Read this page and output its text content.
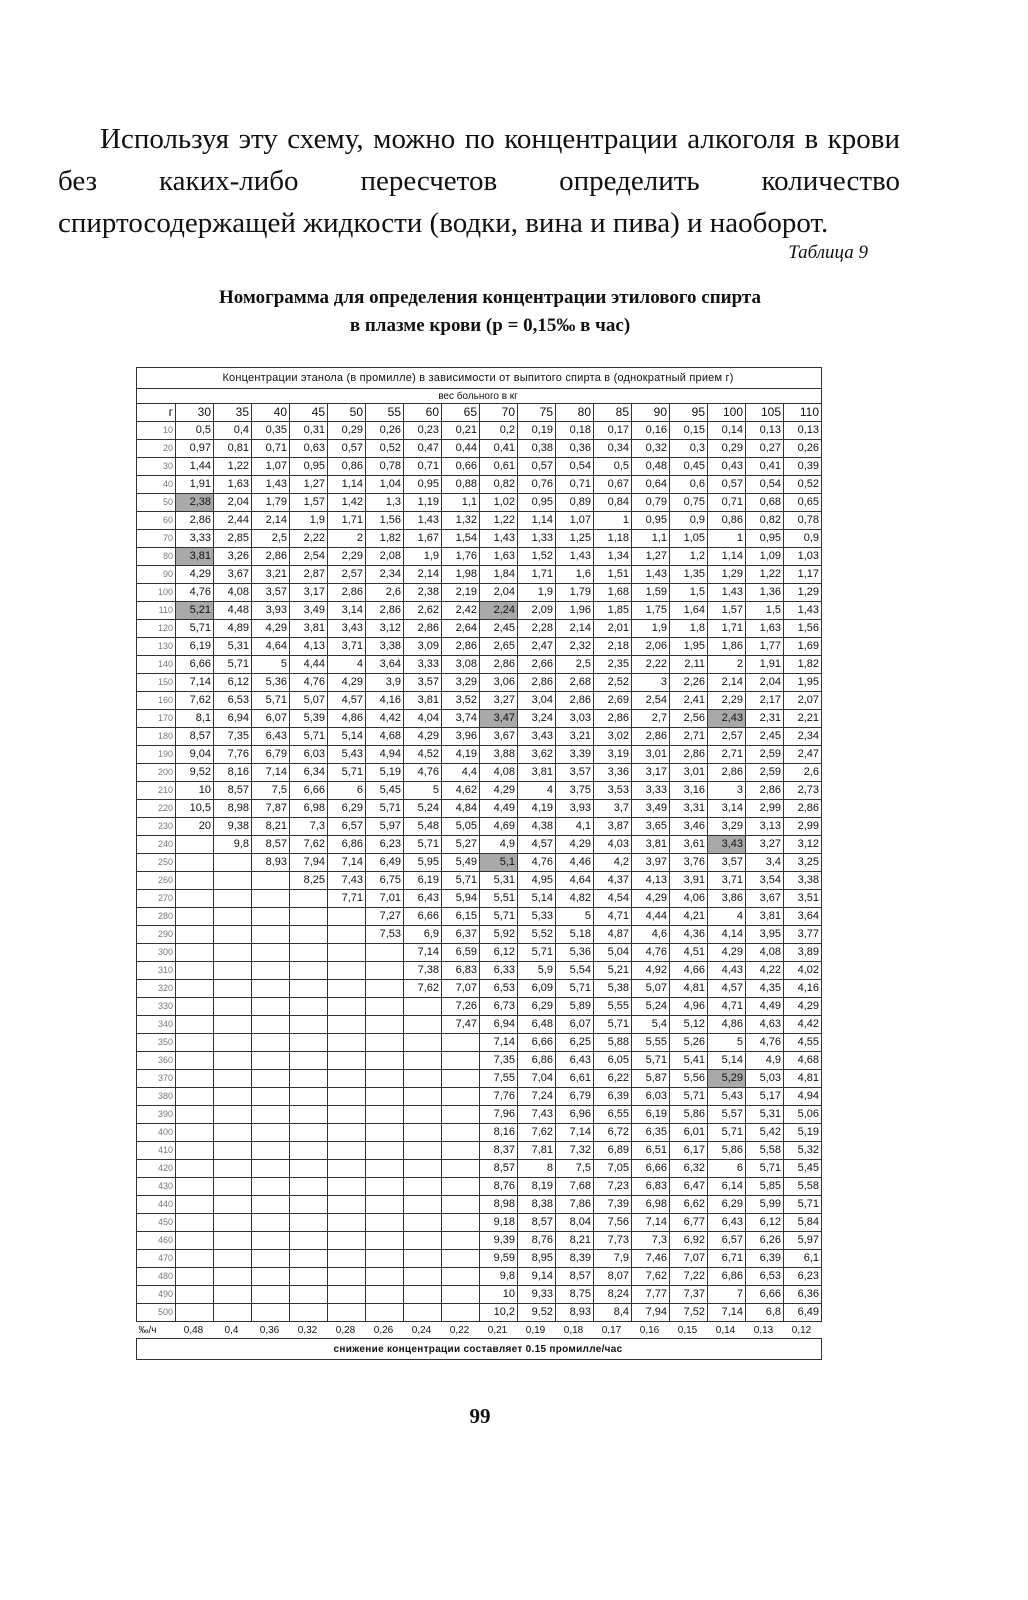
Используя эту схему, можно по концентрации алкоголя в крови без каких-либо пересчетов определить количество спиртосодержащей жидкости (водки, вина и пива) и наоборот.
Таблица 9
Номограмма для определения концентрации этилового спирта
в плазме крови (р = 0,15‰ в час)
Концентрации этанола (в промилле) в зависимости от выпитого спирта в (однократный прием г)																	
вес больного в кг																	
г	30	35	40	45	50	55	60	65	70	75	80	85	90	95	100	105	110
10	0,5	0,4	0,35	0,31	0,29	0,26	0,23	0,21	0,2	0,19	0,18	0,17	0,16	0,15	0,14	0,13	0,13
20	0,97	0,81	0,71	0,63	0,57	0,52	0,47	0,44	0,41	0,38	0,36	0,34	0,32	0,3	0,29	0,27	0,26
30	1,44	1,22	1,07	0,95	0,86	0,78	0,71	0,66	0,61	0,57	0,54	0,5	0,48	0,45	0,43	0,41	0,39
40	1,91	1,63	1,43	1,27	1,14	1,04	0,95	0,88	0,82	0,76	0,71	0,67	0,64	0,6	0,57	0,54	0,52
50	2,38	2,04	1,79	1,57	1,42	1,3	1,19	1,1	1,02	0,95	0,89	0,84	0,79	0,75	0,71	0,68	0,65
60	2,86	2,44	2,14	1,9	1,71	1,56	1,43	1,32	1,22	1,14	1,07	1	0,95	0,9	0,86	0,82	0,78
70	3,33	2,85	2,5	2,22	2	1,82	1,67	1,54	1,43	1,33	1,25	1,18	1,1	1,05	1	0,95	0,9
80	3,81	3,26	2,86	2,54	2,29	2,08	1,9	1,76	1,63	1,52	1,43	1,34	1,27	1,2	1,14	1,09	1,03
90	4,29	3,67	3,21	2,87	2,57	2,34	2,14	1,98	1,84	1,71	1,6	1,51	1,43	1,35	1,29	1,22	1,17
100	4,76	4,08	3,57	3,17	2,86	2,6	2,38	2,19	2,04	1,9	1,79	1,68	1,59	1,5	1,43	1,36	1,29
110	5,21	4,48	3,93	3,49	3,14	2,86	2,62	2,42	2,24	2,09	1,96	1,85	1,75	1,64	1,57	1,5	1,43
120	5,71	4,89	4,29	3,81	3,43	3,12	2,86	2,64	2,45	2,28	2,14	2,01	1,9	1,8	1,71	1,63	1,56
130	6,19	5,31	4,64	4,13	3,71	3,38	3,09	2,86	2,65	2,47	2,32	2,18	2,06	1,95	1,86	1,77	1,69
140	6,66	5,71	5	4,44	4	3,64	3,33	3,08	2,86	2,66	2,5	2,35	2,22	2,11	2	1,91	1,82
150	7,14	6,12	5,36	4,76	4,29	3,9	3,57	3,29	3,06	2,86	2,68	2,52	3	2,26	2,14	2,04	1,95
160	7,62	6,53	5,71	5,07	4,57	4,16	3,81	3,52	3,27	3,04	2,86	2,69	2,54	2,41	2,29	2,17	2,07
170	8,1	6,94	6,07	5,39	4,86	4,42	4,04	3,74	3,47	3,24	3,03	2,86	2,7	2,56	2,43	2,31	2,21
180	8,57	7,35	6,43	5,71	5,14	4,68	4,29	3,96	3,67	3,43	3,21	3,02	2,86	2,71	2,57	2,45	2,34
190	9,04	7,76	6,79	6,03	5,43	4,94	4,52	4,19	3,88	3,62	3,39	3,19	3,01	2,86	2,71	2,59	2,47
200	9,52	8,16	7,14	6,34	5,71	5,19	4,76	4,4	4,08	3,81	3,57	3,36	3,17	3,01	2,86	2,59	2,6
210	10	8,57	7,5	6,66	6	5,45	5	4,62	4,29	4	3,75	3,53	3,33	3,16	3	2,86	2,73
220	10,5	8,98	7,87	6,98	6,29	5,71	5,24	4,84	4,49	4,19	3,93	3,7	3,49	3,31	3,14	2,99	2,86
230	20	9,38	8,21	7,3	6,57	5,97	5,48	5,05	4,69	4,38	4,1	3,87	3,65	3,46	3,29	3,13	2,99
240		9,8	8,57	7,62	6,86	6,23	5,71	5,27	4,9	4,57	4,29	4,03	3,81	3,61	3,43	3,27	3,12
250			8,93	7,94	7,14	6,49	5,95	5,49	5,1	4,76	4,46	4,2	3,97	3,76	3,57	3,4	3,25
260				8,25	7,43	6,75	6,19	5,71	5,31	4,95	4,64	4,37	4,13	3,91	3,71	3,54	3,38
270					7,71	7,01	6,43	5,94	5,51	5,14	4,82	4,54	4,29	4,06	3,86	3,67	3,51
280						7,27	6,66	6,15	5,71	5,33	5	4,71	4,44	4,21	4	3,81	3,64
290						7,53	6,9	6,37	5,92	5,52	5,18	4,87	4,6	4,36	4,14	3,95	3,77
300							7,14	6,59	6,12	5,71	5,36	5,04	4,76	4,51	4,29	4,08	3,89
310							7,38	6,83	6,33	5,9	5,54	5,21	4,92	4,66	4,43	4,22	4,02
320							7,62	7,07	6,53	6,09	5,71	5,38	5,07	4,81	4,57	4,35	4,16
330								7,26	6,73	6,29	5,89	5,55	5,24	4,96	4,71	4,49	4,29
340								7,47	6,94	6,48	6,07	5,71	5,4	5,12	4,86	4,63	4,42
350									7,14	6,66	6,25	5,88	5,55	5,26	5	4,76	4,55
360									7,35	6,86	6,43	6,05	5,71	5,41	5,14	4,9	4,68
370									7,55	7,04	6,61	6,22	5,87	5,56	5,29	5,03	4,81
380									7,76	7,24	6,79	6,39	6,03	5,71	5,43	5,17	4,94
390									7,96	7,43	6,96	6,55	6,19	5,86	5,57	5,31	5,06
400									8,16	7,62	7,14	6,72	6,35	6,01	5,71	5,42	5,19
410									8,37	7,81	7,32	6,89	6,51	6,17	5,86	5,58	5,32
420									8,57	8	7,5	7,05	6,66	6,32	6	5,71	5,45
430									8,76	8,19	7,68	7,23	6,83	6,47	6,14	5,85	5,58
440									8,98	8,38	7,86	7,39	6,98	6,62	6,29	5,99	5,71
450									9,18	8,57	8,04	7,56	7,14	6,77	6,43	6,12	5,84
460									9,39	8,76	8,21	7,73	7,3	6,92	6,57	6,26	5,97
470									9,59	8,95	8,39	7,9	7,46	7,07	6,71	6,39	6,1
480									9,8	9,14	8,57	8,07	7,62	7,22	6,86	6,53	6,23
490									10	9,33	8,75	8,24	7,77	7,37	7	6,66	6,36
500									10,2	9,52	8,93	8,4	7,94	7,52	7,14	6,8	6,49
‰/ч	0,48	0,4	0,36	0,32	0,28	0,26	0,24	0,22	0,21	0,19	0,18	0,17	0,16	0,15	0,14	0,13	0,12
снижение концентрации составляет 0.15 промилле/час																	
99
